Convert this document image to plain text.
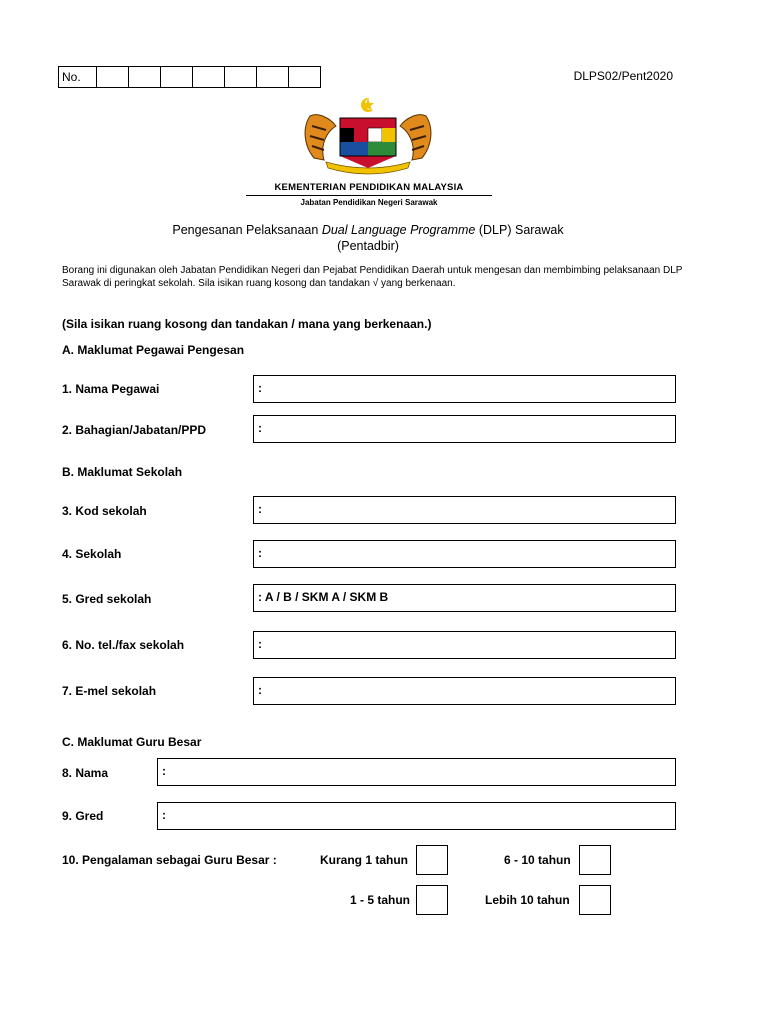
No.	DLPS02/Pent2020
KEMENTERIAN PENDIDIKAN MALAYSIA
Jabatan Pendidikan Negeri Sarawak
Pengesanan Pelaksanaan Dual Language Programme (DLP) Sarawak
(Pentadbir)
Borang ini digunakan oleh Jabatan Pendidikan Negeri dan Pejabat Pendidikan Daerah untuk mengesan dan membimbing pelaksanaan DLP Sarawak di peringkat sekolah. Sila isikan ruang kosong dan tandakan √ yang berkenaan.
(Sila isikan ruang kosong dan tandakan / mana yang berkenaan.)
A. Maklumat Pegawai Pengesan
1. Nama Pegawai	:
2. Bahagian/Jabatan/PPD	:
B. Maklumat Sekolah
3. Kod sekolah	:
4. Sekolah	:
5. Gred sekolah	: A / B / SKM A / SKM B
6. No. tel./fax sekolah	:
7. E-mel sekolah	:
C. Maklumat Guru Besar
8. Nama	:
9. Gred	:
10. Pengalaman sebagai Guru Besar :	Kurang 1 tahun	6 - 10 tahun
1 - 5 tahun	Lebih 10 tahun
